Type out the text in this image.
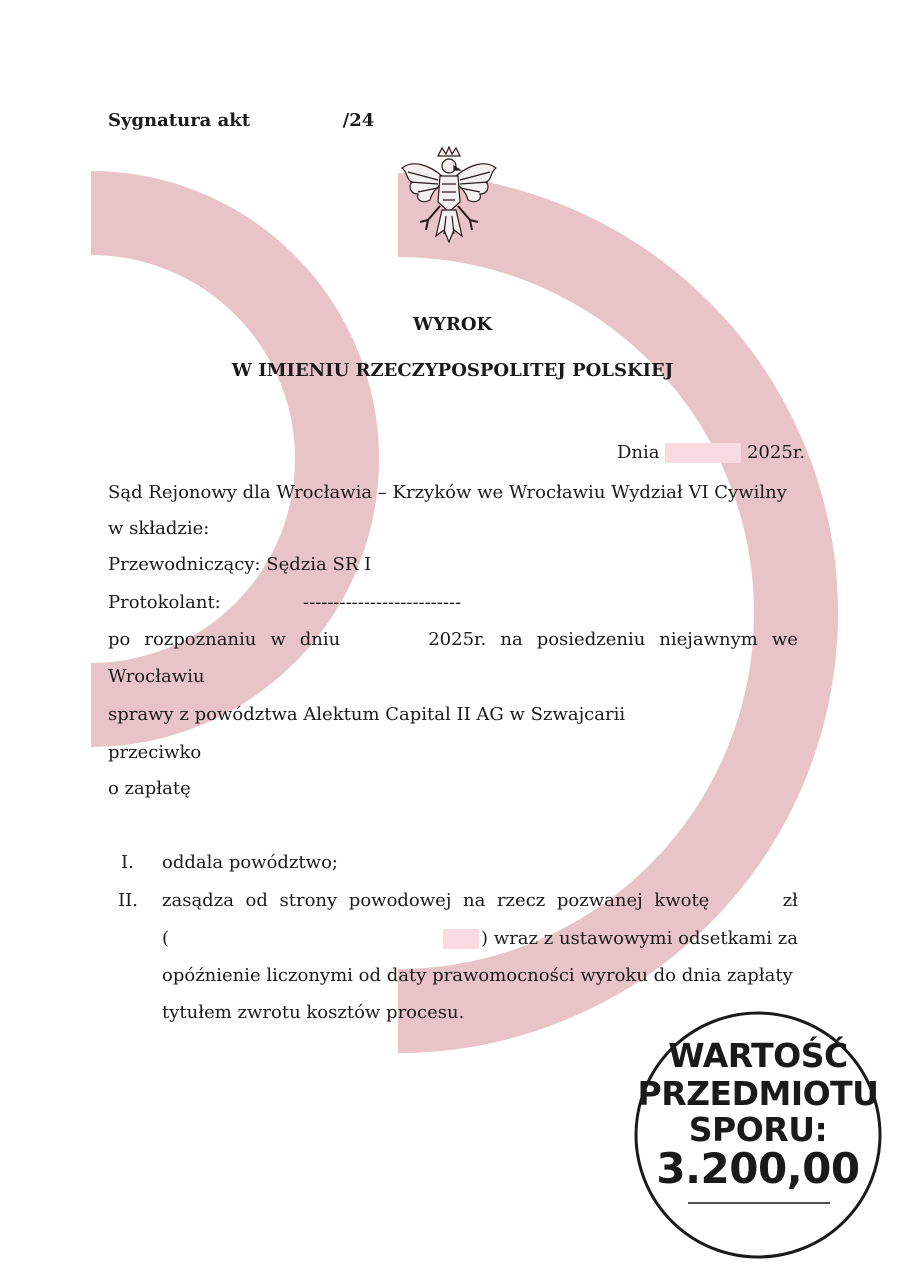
Sygnatura akt	/24
WYROK
W IMIENIU RZECZYPOSPOLITEJ POLSKIEJ
Dnia	2025r.
Sąd Rejonowy dla Wrocławia – Krzyków we Wrocławiu Wydział VI Cywilny
w składzie:
Przewodniczący: Sędzia SR I
Protokolant:	--------------------------
po rozpoznaniu w dniu	2025r. na posiedzeniu niejawnym we
Wrocławiu
sprawy z powództwa Alektum Capital II AG w Szwajcarii
przeciwko
o zapłatę
I. oddala powództwo;
II. zasądza od strony powodowej na rzecz pozwanej kwotę	zł
(	) wraz z ustawowymi odsetkami za
opóźnienie liczonymi od daty prawomocności wyroku do dnia zapłaty
tytułem zwrotu kosztów procesu.
WARTOŚĆ
PRZEDMIOTU
SPORU:
3.200,00
